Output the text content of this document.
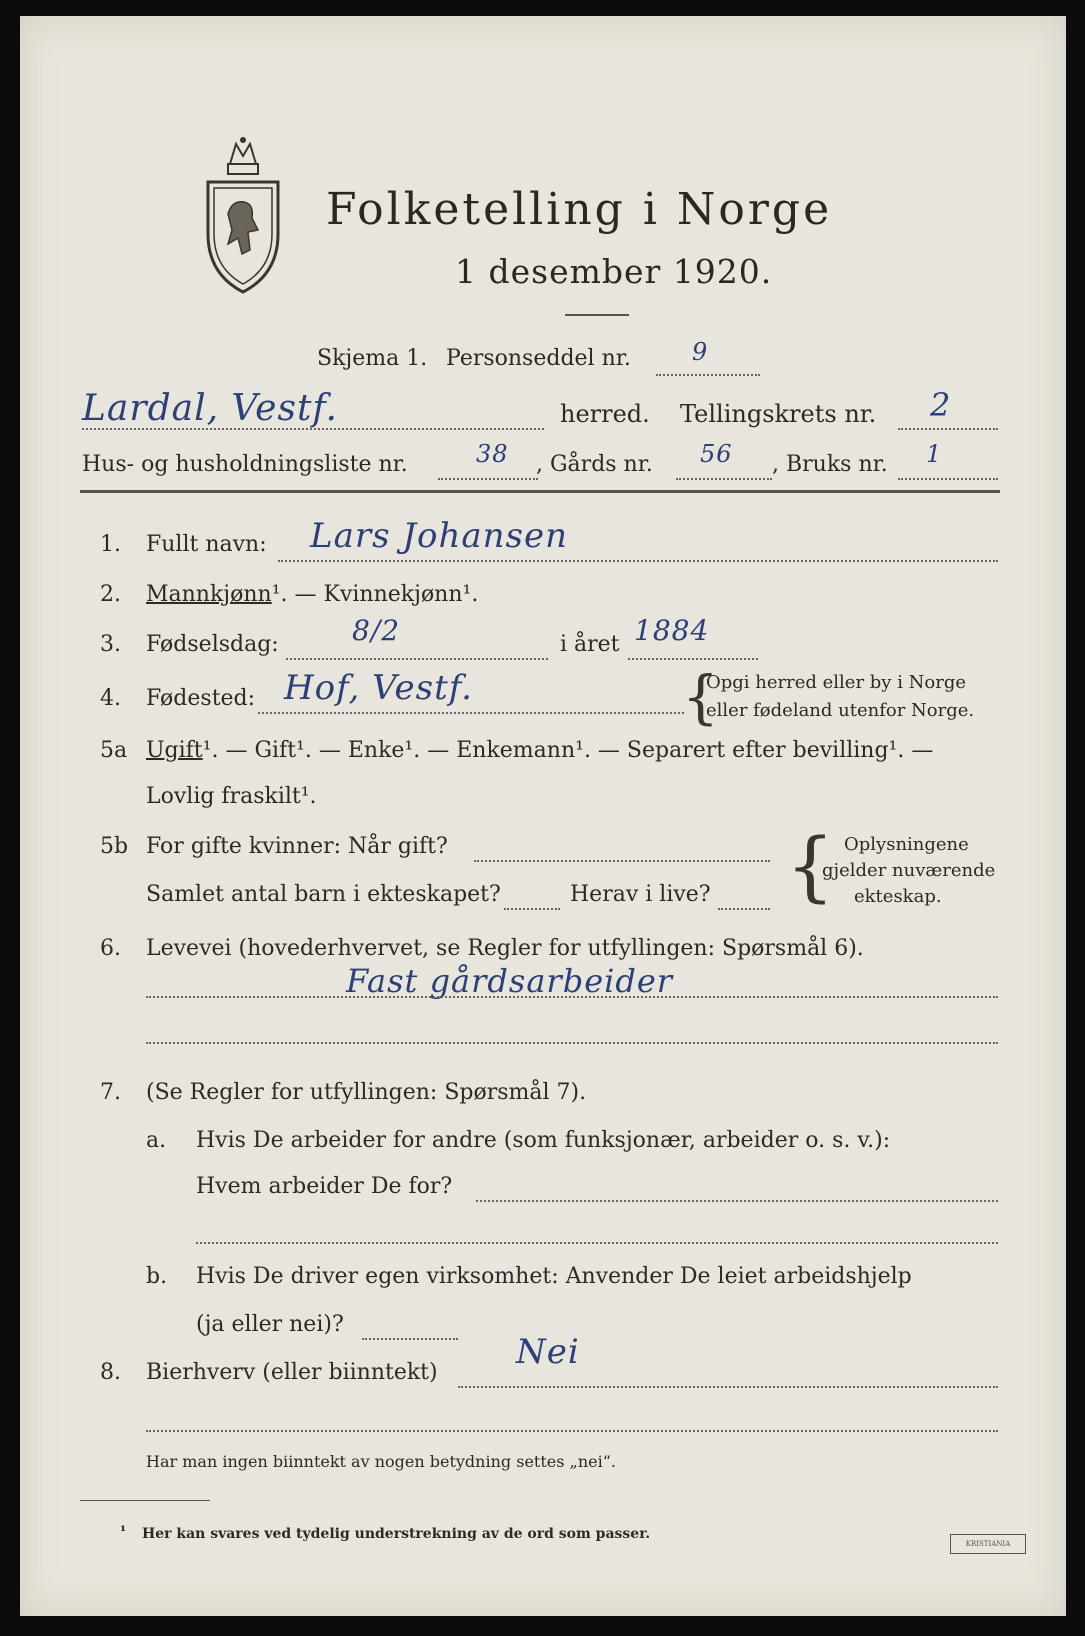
Folketelling i Norge
1 desember 1920.
Skjema 1. Personseddel nr.	9
Lardal, Vestf.	herred. Tellingskrets nr. 2
Hus- og husholdningsliste nr.	38 , Gårds nr. 56 , Bruks nr. 1
1. Fullt navn: Lars Johansen
2. Mannkjønn¹. — Kvinnekjønn¹.
3. Fødselsdag:	8/2	i året 1884
4. Fødested: Hof, Vestf.	{
Opgi herred eller by i Norge
eller fødeland utenfor Norge.
5a Ugift¹. — Gift¹. — Enke¹. — Enkemann¹. — Separert efter bevilling¹. —
Lovlig fraskilt¹.
5b For gifte kvinner: Når gift?
Samlet antal barn i ekteskapet?	Herav i live? { Oplysningene
gjelder nuværende
ekteskap.
6. Levevei (hovederhvervet, se Regler for utfyllingen: Spørsmål 6).
Fast gårdsarbeider
7. (Se Regler for utfyllingen: Spørsmål 7).
a. Hvis De arbeider for andre (som funksjonær, arbeider o. s. v.):
Hvem arbeider De for?
b. Hvis De driver egen virksomhet: Anvender De leiet arbeidshjelp
(ja eller nei)?
8. Bierhverv (eller biinntekt)
Nei
Har man ingen biinntekt av nogen betydning settes „nei“.
¹ Her kan svares ved tydelig understrekning av de ord som passer.
KRISTIANIA
